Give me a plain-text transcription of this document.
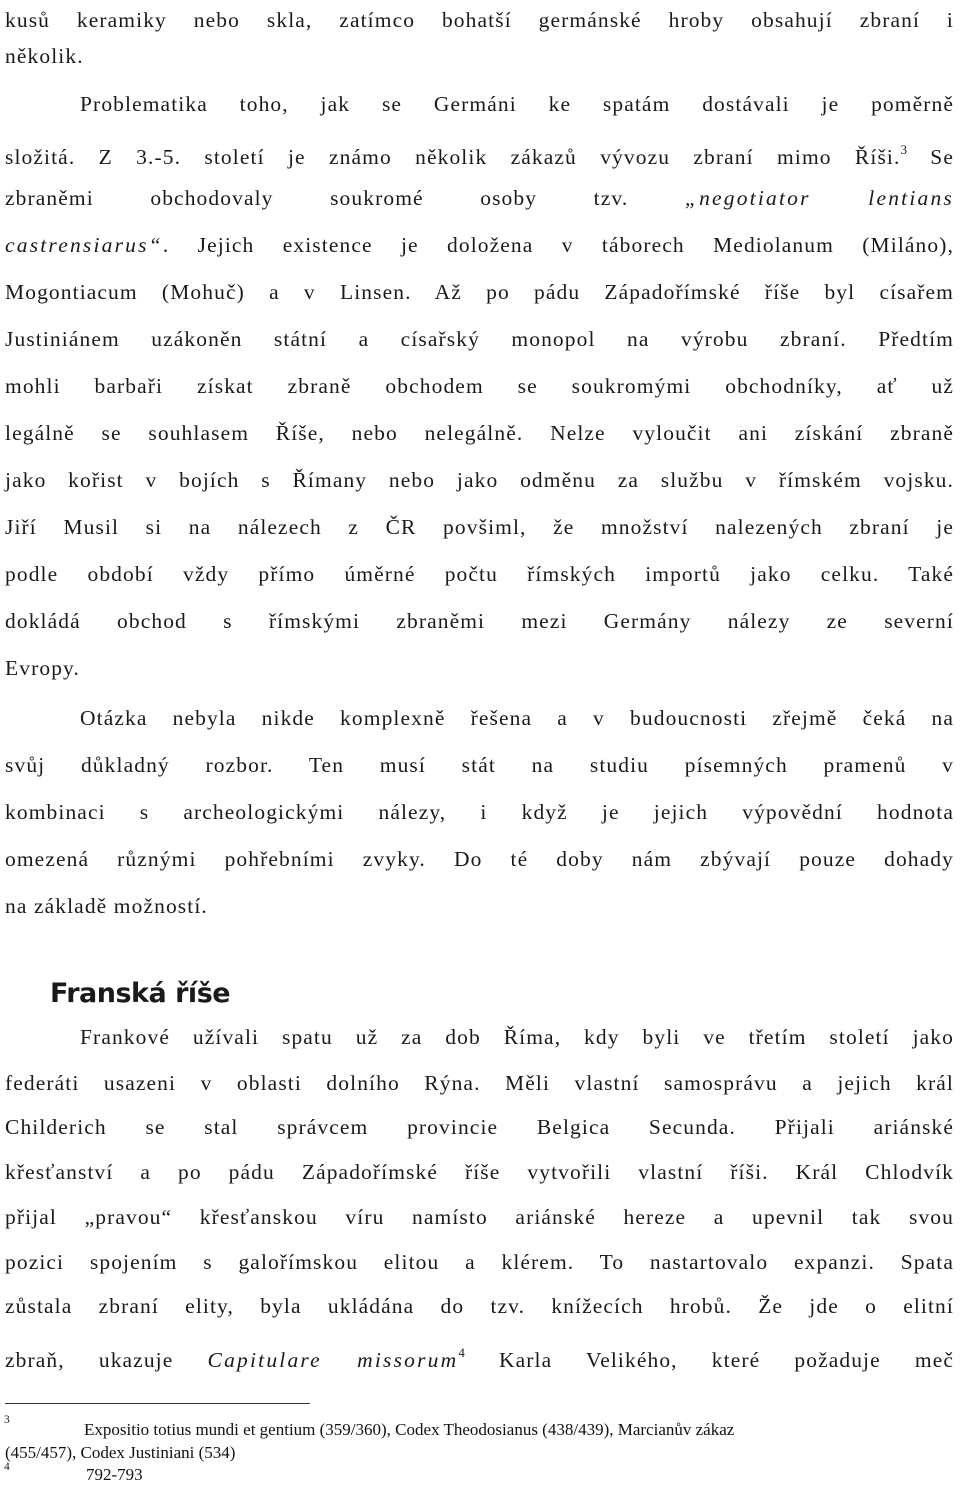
kusů keramiky nebo skla, zatímco bohatší germánské hroby obsahují zbraní i
několik.
Problematika toho, jak se Germáni ke spatám dostávali je poměrně
složitá. Z 3.-5. století je známo několik zákazů vývozu zbraní mimo Říši.$^3$ Se
zbraněmi obchodovaly soukromé osoby tzv.	„negotiator lentians
castrensiarus“. Jejich existence je doložena v táborech Mediolanum (Miláno),
Mogontiacum (Mohuč) a v Linsen. Až po pádu Západořímské říše byl císařem
Justiniánem uzákoněn státní a císařský monopol na výrobu zbraní. Předtím
mohli barbaři získat zbraně obchodem se soukromými obchodníky, ať už
legálně se souhlasem Říše, nebo nelegálně. Nelze vyloučit ani získání zbraně
jako kořist v bojích s Římany nebo jako odměnu za službu v římském vojsku.
Jiří Musil si na nálezech z ČR povšiml, že množství nalezených zbraní je
podle období vždy přímo úměrné počtu římských importů jako celku. Také
dokládá obchod s římskými zbraněmi mezi Germány nálezy ze severní
Evropy.
Otázka nebyla nikde komplexně řešena a v budoucnosti zřejmě čeká na
svůj důkladný rozbor. Ten musí stát na studiu písemných pramenů v
kombinaci s archeologickými nálezy, i když je jejich výpovědní hodnota
omezená různými pohřebními zvyky. Do té doby nám zbývají pouze dohady
na základě možností.
Franská říše
Frankové užívali spatu už za dob Říma, kdy byli ve třetím století jako
federáti usazeni v oblasti dolního Rýna. Měli vlastní samosprávu a jejich král
Childerich se stal správcem provincie Belgica Secunda. Přijali ariánské
křesťanství a po pádu Západořímské říše vytvořili vlastní říši. Král Chlodvík
přijal „pravou“ křesťanskou víru namísto ariánské hereze a upevnil tak svou
pozici spojením s galořímskou elitou a klérem. To nastartovalo expanzi. Spata
zůstala zbraní elity, byla ukládána do tzv. knížecích hrobů. Že jde o elitní
zbraň, ukazuje Capitulare missorum$^4$ Karla Velikého, které požaduje meč
3	Expositio totius mundi et gentium (359/360), Codex Theodosianus (438/439), Marcianův zákaz
(455/457), Codex Justiniani (534)
4	792-793
